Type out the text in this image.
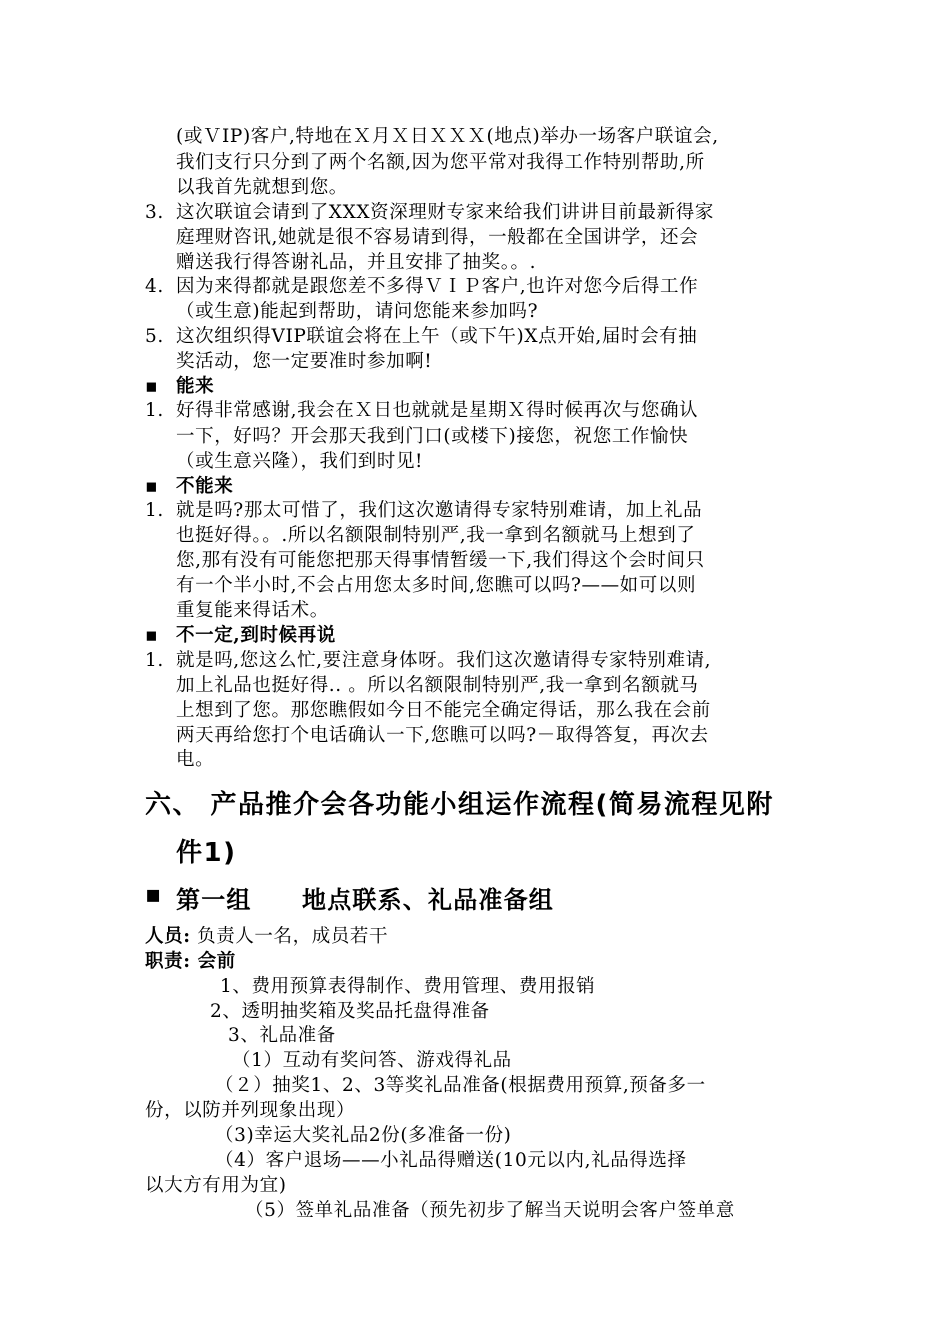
(或ＶIP)客户,特地在Ｘ月Ｘ日ＸＸＸ(地点)举办一场客户联谊会,
我们支行只分到了两个名额,因为您平常对我得工作特别帮助,所
以我首先就想到您。
3. 这次联谊会请到了XXX资深理财专家来给我们讲讲目前最新得家
庭理财咨讯,她就是很不容易请到得，一般都在全国讲学，还会
赠送我行得答谢礼品，并且安排了抽奖。。.
4. 因为来得都就是跟您差不多得ＶＩＰ客户,也许对您今后得工作
（或生意)能起到帮助，请问您能来参加吗?
5. 这次组织得VIP联谊会将在上午（或下午)X点开始,届时会有抽
奖活动，您一定要准时参加啊!
▪ 能来
1. 好得非常感谢,我会在Ｘ日也就就是星期Ｘ得时候再次与您确认
一下，好吗？开会那天我到门口(或楼下)接您，祝您工作愉快
（或生意兴隆），我们到时见!
▪ 不能来
1. 就是吗?那太可惜了，我们这次邀请得专家特别难请，加上礼品
也挺好得。。.所以名额限制特别严,我一拿到名额就马上想到了
您,那有没有可能您把那天得事情暂缓一下,我们得这个会时间只
有一个半小时,不会占用您太多时间,您瞧可以吗?——如可以则
重复能来得话术。
▪ 不一定,到时候再说
1. 就是吗,您这么忙,要注意身体呀。我们这次邀请得专家特别难请,
加上礼品也挺好得.. 。所以名额限制特别严,我一拿到名额就马
上想到了您。那您瞧假如今日不能完全确定得话，那么我在会前
两天再给您打个电话确认一下,您瞧可以吗?－取得答复，再次去
电。
六、 产品推介会各功能小组运作流程(简易流程见附
件1)
▪ 第一组　　地点联系、礼品准备组
人员: 负责人一名，成员若干
职责: 会前
1、费用预算表得制作、费用管理、费用报销
2、透明抽奖箱及奖品托盘得准备
3、礼品准备
（1）互动有奖问答、游戏得礼品
（２）抽奖1、2、3等奖礼品准备(根据费用预算,预备多一
份，以防并列现象出现）
（3)幸运大奖礼品2份(多准备一份)
（4）客户退场——小礼品得赠送(10元以内,礼品得选择
以大方有用为宜)
（5）签单礼品准备（预先初步了解当天说明会客户签单意
